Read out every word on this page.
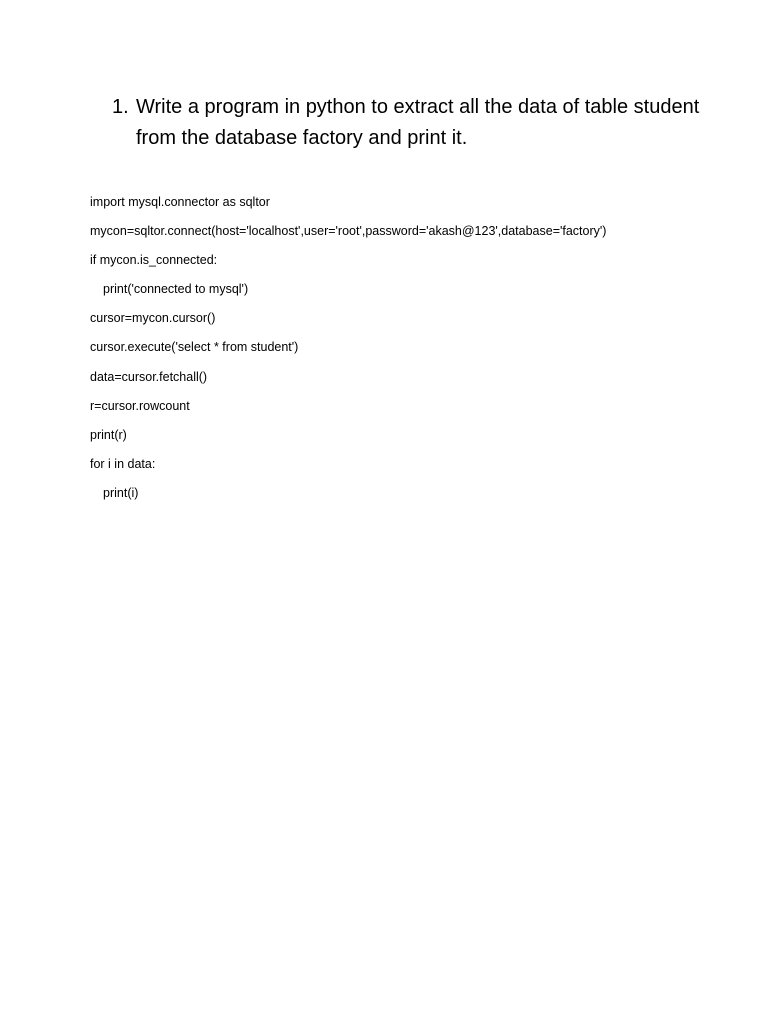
1. Write a program in python to extract all the data of table student from the database factory and print it.
import mysql.connector as sqltor
mycon=sqltor.connect(host='localhost',user='root',password='akash@123',database='factory')
if mycon.is_connected:
print('connected to mysql')
cursor=mycon.cursor()
cursor.execute('select * from student')
data=cursor.fetchall()
r=cursor.rowcount
print(r)
for i in data:
print(i)
